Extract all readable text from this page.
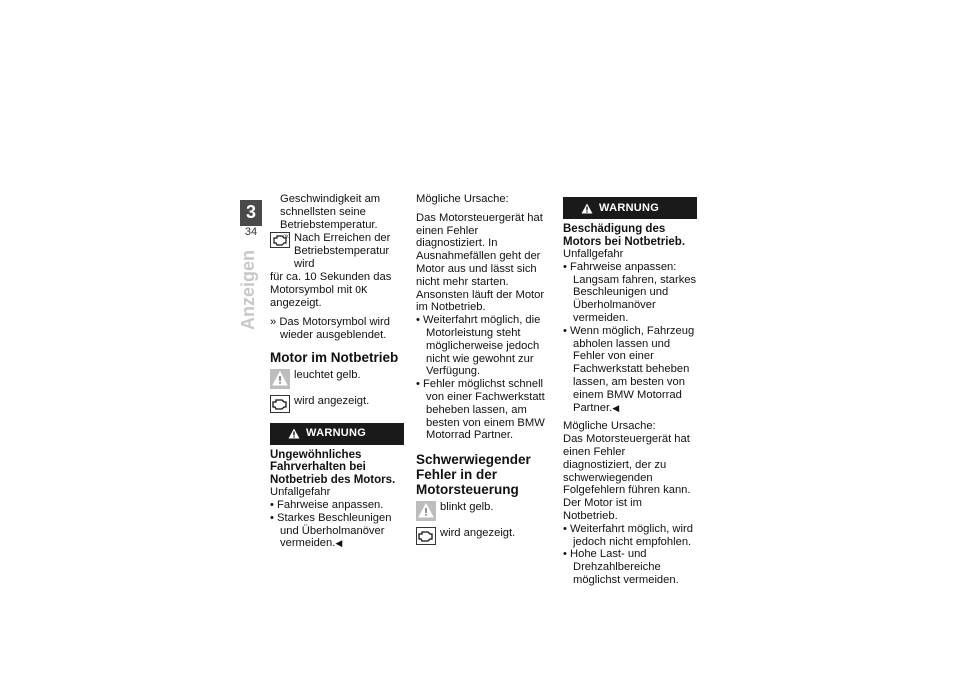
3
34
Anzeigen

Geschwindigkeit am schnellsten seine Betriebstemperatur.

OK Nach Erreichen der Betriebstemperatur wird

für ca. 10 Sekunden das Motorsymbol mit OK angezeigt.

» Das Motorsymbol wird wieder ausgeblendet.

Motor im Notbetrieb
leuchtet gelb.
wird angezeigt.
WARNUNG
Ungewöhnliches Fahrverhalten bei Notbetrieb des Motors.

Unfallgefahr

• Fahrweise anpassen.

• Starkes Beschleunigen und Überholmanöver vermeiden.◀

Mögliche Ursache:

Das Motorsteuergerät hat einen Fehler diagnostiziert. In Ausnahmefällen geht der Motor aus und lässt sich nicht mehr starten. Ansonsten läuft der Motor im Notbetrieb.

• Weiterfahrt möglich, die Motorleistung steht möglicherweise jedoch nicht wie gewohnt zur Verfügung.

• Fehler möglichst schnell von einer Fachwerkstatt beheben lassen, am besten von einem BMW Motorrad Partner.

Schwerwiegender Fehler in der Motorsteuerung
blinkt gelb.
wird angezeigt.
WARNUNG
Beschädigung des Motors bei Notbetrieb.

Unfallgefahr

• Fahrweise anpassen: Langsam fahren, starkes Beschleunigen und Überholmanöver vermeiden.

• Wenn möglich, Fahrzeug abholen lassen und Fehler von einer Fachwerkstatt beheben lassen, am besten von einem BMW Motorrad Partner.◀

Mögliche Ursache:

Das Motorsteuergerät hat einen Fehler diagnostiziert, der zu schwerwiegenden Folgefehlern führen kann. Der Motor ist im Notbetrieb.

• Weiterfahrt möglich, wird jedoch nicht empfohlen.

• Hohe Last- und Drehzahlbereiche möglichst vermeiden.
